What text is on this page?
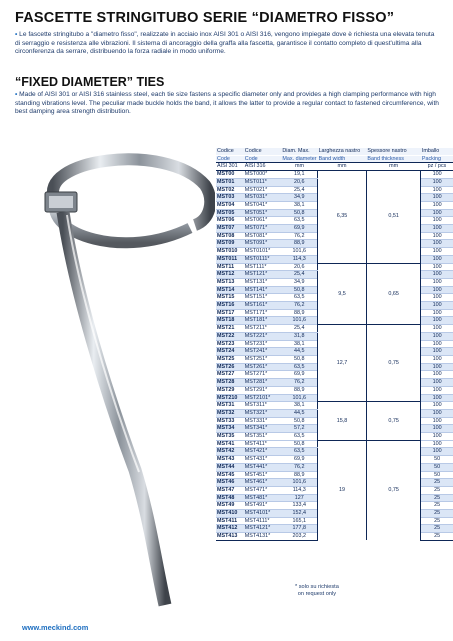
FASCETTE STRINGITUBO SERIE “DIAMETRO FISSO”
• Le fascette stringitubo a "diametro fisso", realizzate in acciaio inox AISI 301 o AISI 316, vengono impiegate dove è richiesta una elevata tenuta di serraggio e resistenza alle vibrazioni. Il sistema di ancoraggio della graffa alla fascetta, garantisce il contatto completo di quest'ultima alla circonferenza da serrare, distribuendo la forza radiale in modo uniforme.
“FIXED DIAMETER” TIES
• Made of AISI 301 or AISI 316 stainless steel, each tie size fastens a specific diameter only and provides a high clamping performance with high standing vibrations level. The peculiar made buckle holds the band, it allows the latter to provide a regular contact to fastened circumference, with best damping area strength distribution.
Codice	Codice	Diam. Max.	Larghezza nastro	Spessore nastro	Imballo
Code	Code	Max. diameter	Band width	Band thickness	Packing
AISI 301	AISI 316	mm	mm	mm	pz / pcs
MST00	MST000*	19,1	6,35	0,51	100
MST01	MST011*	20,6			100
MST02	MST021*	25,4			100
MST03	MST031*	34,9			100
MST04	MST041*	38,1			100
MST05	MST051*	50,8			100
MST06	MST061*	63,5			100
MST07	MST071*	69,9			100
MST08	MST081*	76,2			100
MST09	MST091*	88,9			100
MST010	MST0101*	101,6			100
MST011	MST0111*	114,3			100
MST11	MST111*	20,6	9,5	0,65	100
MST12	MST121*	25,4			100
MST13	MST131*	34,9			100
MST14	MST141*	50,8			100
MST15	MST151*	63,5			100
MST16	MST161*	76,2			100
MST17	MST171*	88,9			100
MST18	MST181*	101,6			100
MST21	MST211*	25,4	12,7	0,75	100
MST22	MST221*	31,8			100
MST23	MST231*	38,1			100
MST24	MST241*	44,5			100
MST25	MST251*	50,8			100
MST26	MST261*	63,5			100
MST27	MST271*	69,9			100
MST28	MST281*	76,2			100
MST29	MST291*	88,9			100
MST210	MST2101*	101,6			100
MST31	MST311*	38,1	15,8	0,75	100
MST32	MST321*	44,5			100
MST33	MST331*	50,8			100
MST34	MST341*	57,2			100
MST35	MST351*	63,5			100
MST41	MST411*	50,8	19	0,75	100
MST42	MST421*	63,5			100
MST43	MST431*	69,9			50
MST44	MST441*	76,2			50
MST45	MST451*	88,9			50
MST46	MST461*	101,6			25
MST47	MST471*	114,3			25
MST48	MST481*	127			25
MST49	MST491*	133,4			25
MST410	MST4101*	152,4			25
MST411	MST4111*	165,1			25
MST412	MST4121*	177,8			25
MST413	MST4131*	203,2			25
* solo su richiesta
on request only
www.meckind.com
